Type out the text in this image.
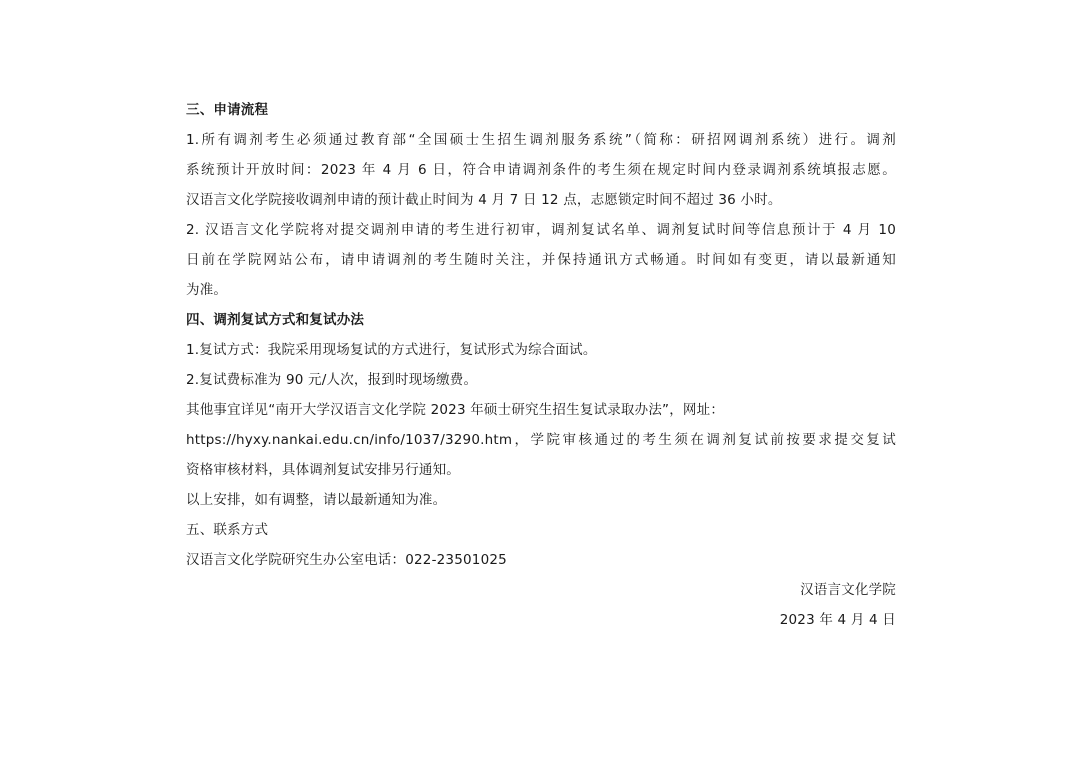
三、申请流程
1.所有调剂考生必须通过教育部“全国硕士生招生调剂服务系统”（简称：研招网调剂系统）进行。调剂
系统预计开放时间：2023 年 4 月 6 日，符合申请调剂条件的考生须在规定时间内登录调剂系统填报志愿。
汉语言文化学院接收调剂申请的预计截止时间为 4 月 7 日 12 点，志愿锁定时间不超过 36 小时。
2. 汉语言文化学院将对提交调剂申请的考生进行初审，调剂复试名单、调剂复试时间等信息预计于 4 月 10
日前在学院网站公布，请申请调剂的考生随时关注，并保持通讯方式畅通。时间如有变更，请以最新通知
为准。
四、调剂复试方式和复试办法
1.复试方式：我院采用现场复试的方式进行，复试形式为综合面试。
2.复试费标准为 90 元/人次，报到时现场缴费。
其他事宜详见“南开大学汉语言文化学院 2023 年硕士研究生招生复试录取办法”，网址：
https://hyxy.nankai.edu.cn/info/1037/3290.htm，学院审核通过的考生须在调剂复试前按要求提交复试
资格审核材料，具体调剂复试安排另行通知。
以上安排，如有调整，请以最新通知为准。
五、联系方式
汉语言文化学院研究生办公室电话：022-23501025
汉语言文化学院
2023 年 4 月 4 日
